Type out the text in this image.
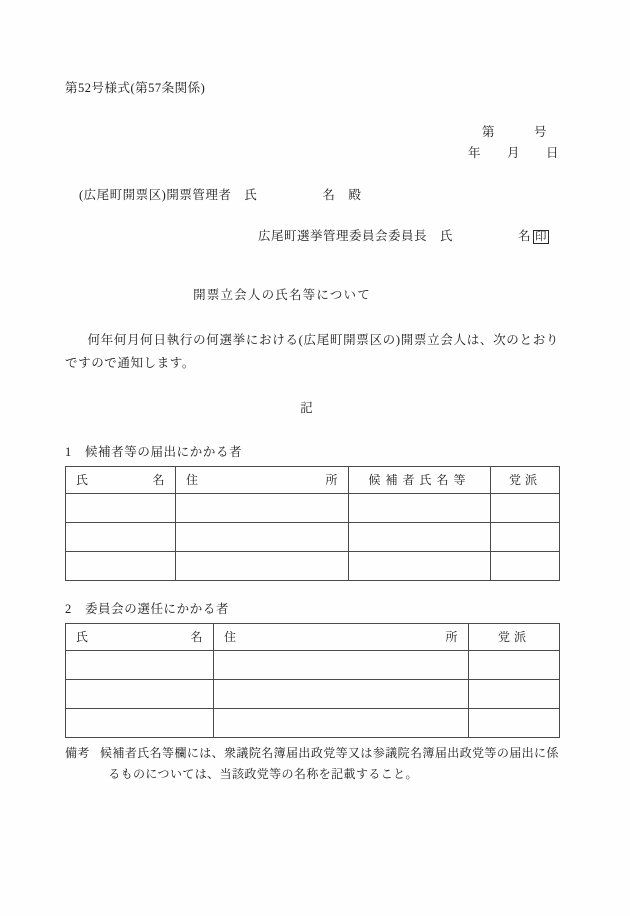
第52号様式(第57条関係)
第　　　号
年　　月　　日
(広尾町開票区)開票管理者　氏　　　　　名　殿

広尾町選挙管理委員会委員長　氏　　　　　名 印

開票立会人の氏名等について
何年何月何日執行の何選挙における(広尾町開票区の)開票立会人は、次のとおりですので通知します。
記
1　候補者等の届出にかかる者
氏 名	住 所	候補者氏名等	党派

2　委員会の選任にかかる者
氏 名	住 所	党派

備考 候補者氏名等欄には、衆議院名簿届出政党等又は参議院名簿届出政党等の届出に係
るものについては、当該政党等の名称を記載すること。
